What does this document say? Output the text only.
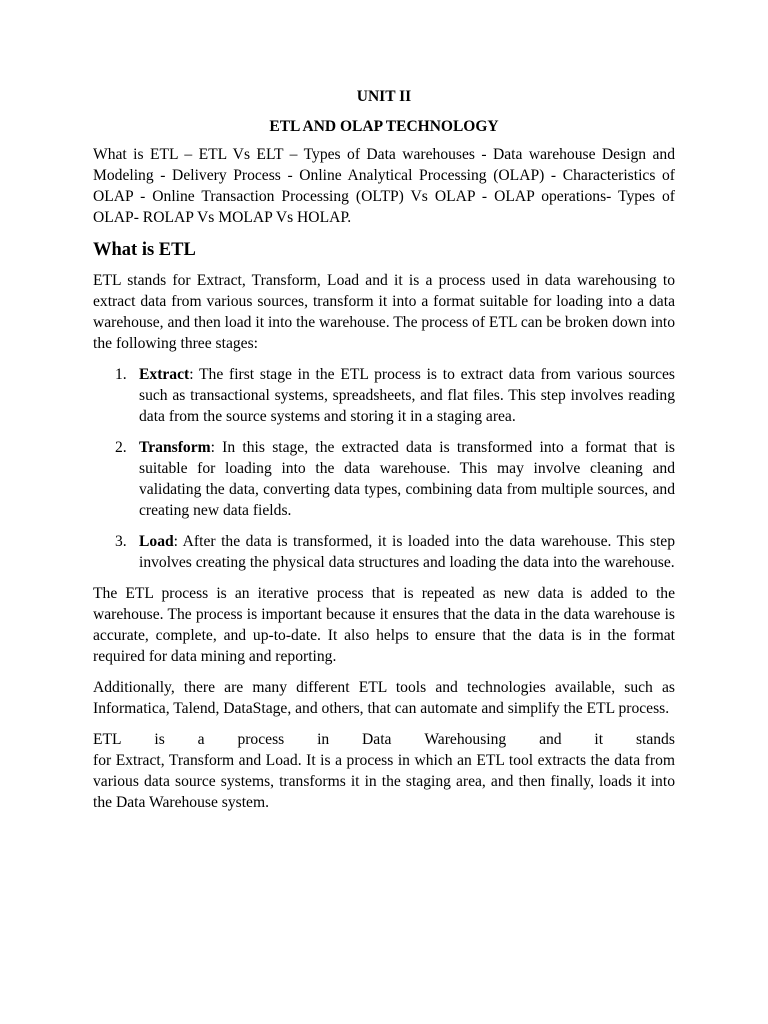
UNIT II
ETL AND OLAP TECHNOLOGY

What is ETL – ETL Vs ELT – Types of Data warehouses - Data warehouse Design and Modeling - Delivery Process - Online Analytical Processing (OLAP) - Characteristics of OLAP - Online Transaction Processing (OLTP) Vs OLAP - OLAP operations- Types of OLAP- ROLAP Vs MOLAP Vs HOLAP.

What is ETL

ETL stands for Extract, Transform, Load and it is a process used in data warehousing to extract data from various sources, transform it into a format suitable for loading into a data warehouse, and then load it into the warehouse. The process of ETL can be broken down into the following three stages:

1. Extract: The first stage in the ETL process is to extract data from various sources such as transactional systems, spreadsheets, and flat files. This step involves reading data from the source systems and storing it in a staging area.
2. Transform: In this stage, the extracted data is transformed into a format that is suitable for loading into the data warehouse. This may involve cleaning and validating the data, converting data types, combining data from multiple sources, and creating new data fields.
3. Load: After the data is transformed, it is loaded into the data warehouse. This step involves creating the physical data structures and loading the data into the warehouse.

The ETL process is an iterative process that is repeated as new data is added to the warehouse. The process is important because it ensures that the data in the data warehouse is accurate, complete, and up-to-date. It also helps to ensure that the data is in the format required for data mining and reporting.

Additionally, there are many different ETL tools and technologies available, such as Informatica, Talend, DataStage, and others, that can automate and simplify the ETL process.

ETL is a process in Data Warehousing and it stands

for Extract, Transform and Load. It is a process in which an ETL tool extracts the data from various data source systems, transforms it in the staging area, and then finally, loads it into the Data Warehouse system.
